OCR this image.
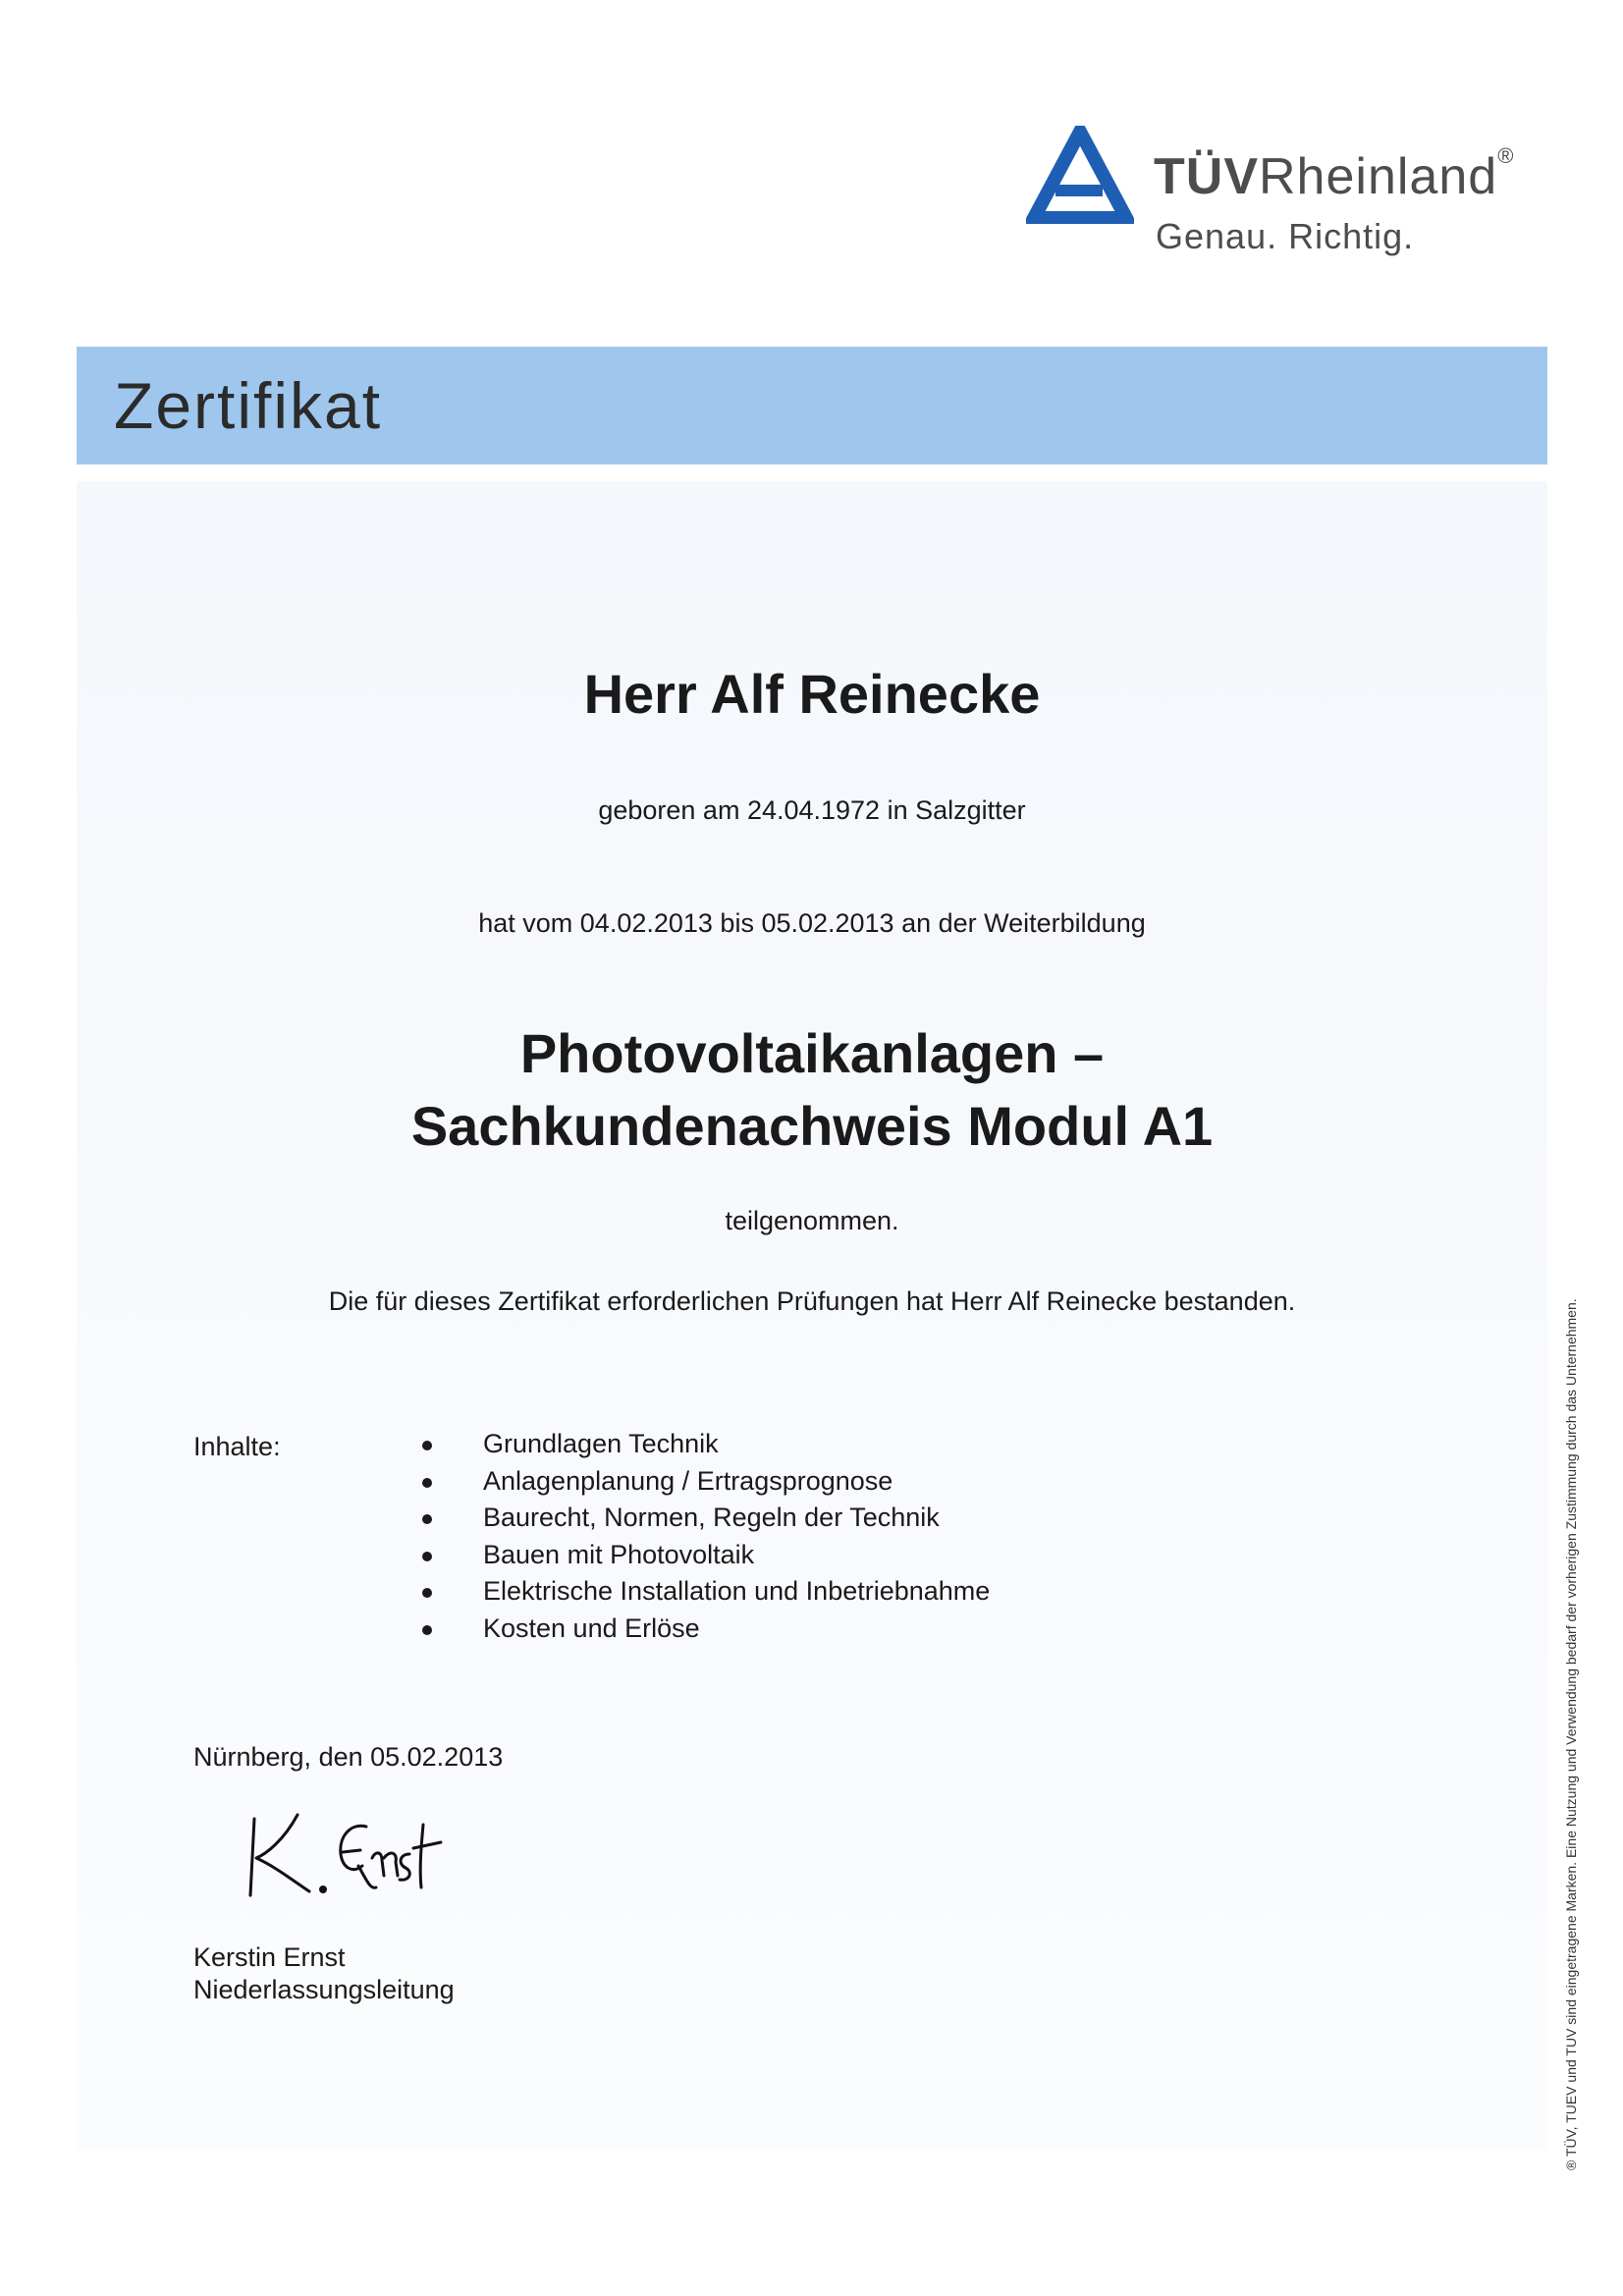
TÜVRheinland®
Genau. Richtig.
Zertifikat
Herr Alf Reinecke
geboren am 24.04.1972 in Salzgitter
hat vom 04.02.2013 bis 05.02.2013 an der Weiterbildung
Photovoltaikanlagen –
Sachkundenachweis Modul A1
teilgenommen.
Die für dieses Zertifikat erforderlichen Prüfungen hat Herr Alf Reinecke bestanden.
Inhalte:	Grundlagen Technik
Anlagenplanung / Ertragsprognose
Baurecht, Normen, Regeln der Technik
Bauen mit Photovoltaik
Elektrische Installation und Inbetriebnahme
Kosten und Erlöse
Nürnberg, den 05.02.2013
Kerstin Ernst
Niederlassungsleitung	® TÜV, TUEV und TUV sind eingetragene Marken. Eine Nutzung und Verwendung bedarf der vorherigen Zustimmung durch das Unternehmen.
